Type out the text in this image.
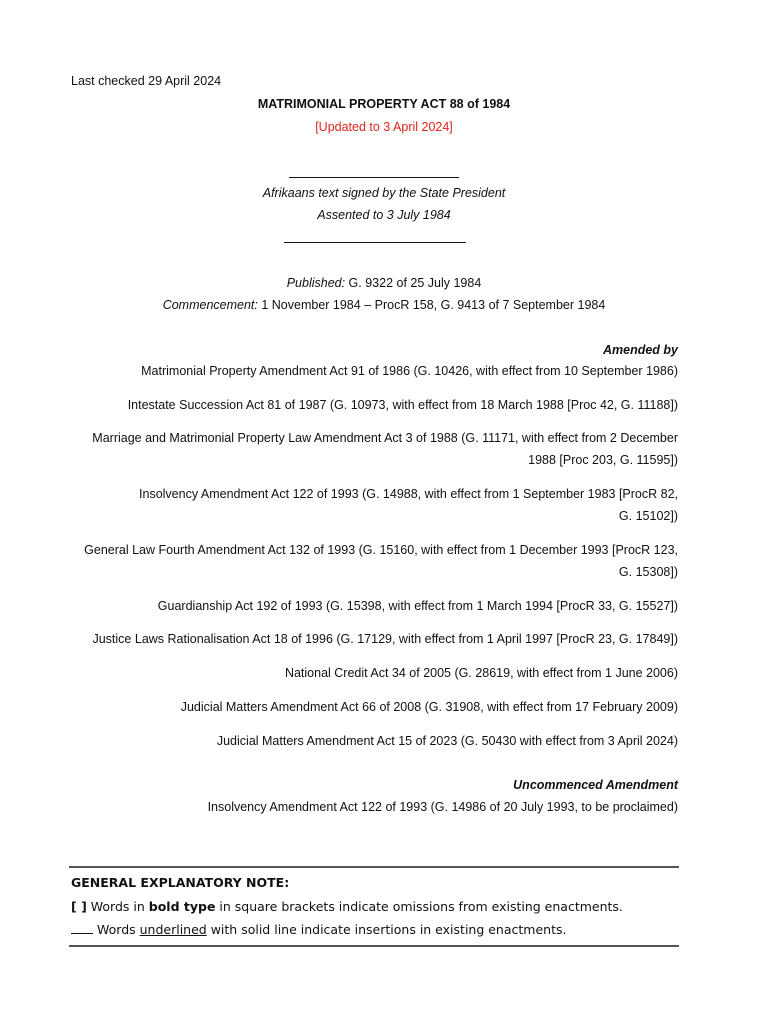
Last checked 29 April 2024
MATRIMONIAL PROPERTY ACT 88 of 1984
[Updated to 3 April 2024]
Afrikaans text signed by the State President
Assented to 3 July 1984
Published: G. 9322 of 25 July 1984
Commencement: 1 November 1984 – ProcR 158, G. 9413 of 7 September 1984
Amended by
Matrimonial Property Amendment Act 91 of 1986 (G. 10426, with effect from 10 September 1986)
Intestate Succession Act 81 of 1987 (G. 10973, with effect from 18 March 1988 [Proc 42, G. 11188])
Marriage and Matrimonial Property Law Amendment Act 3 of 1988 (G. 11171, with effect from 2 December
1988 [Proc 203, G. 11595])
Insolvency Amendment Act 122 of 1993 (G. 14988, with effect from 1 September 1983 [ProcR 82,
G. 15102])
General Law Fourth Amendment Act 132 of 1993 (G. 15160, with effect from 1 December 1993 [ProcR 123,
G. 15308])
Guardianship Act 192 of 1993 (G. 15398, with effect from 1 March 1994 [ProcR 33, G. 15527])
Justice Laws Rationalisation Act 18 of 1996 (G. 17129, with effect from 1 April 1997 [ProcR 23, G. 17849])
National Credit Act 34 of 2005 (G. 28619, with effect from 1 June 2006)
Judicial Matters Amendment Act 66 of 2008 (G. 31908, with effect from 17 February 2009)
Judicial Matters Amendment Act 15 of 2023 (G. 50430 with effect from 3 April 2024)
Uncommenced Amendment
Insolvency Amendment Act 122 of 1993 (G. 14986 of 20 July 1993, to be proclaimed)
GENERAL EXPLANATORY NOTE:
[ ] Words in bold type in square brackets indicate omissions from existing enactments.
Words underlined with solid line indicate insertions in existing enactments.
